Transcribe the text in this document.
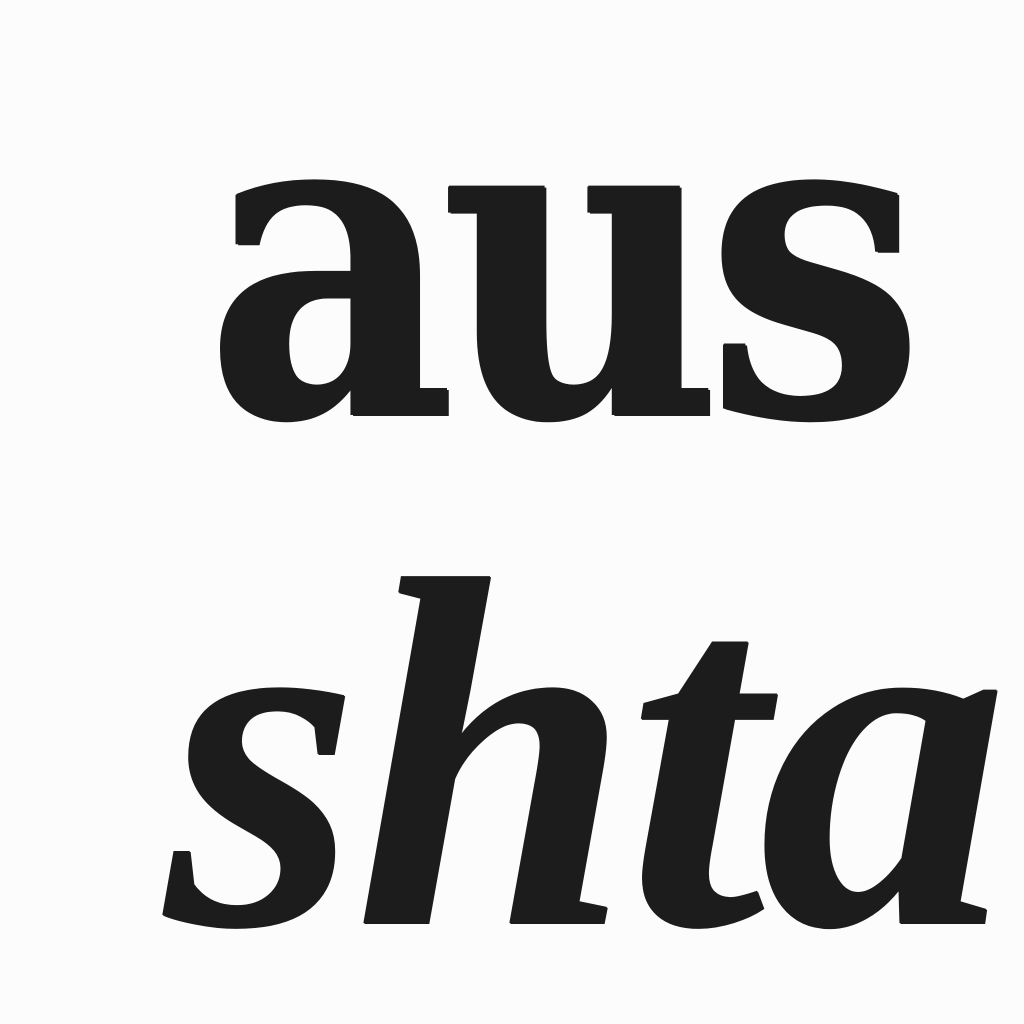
aus

shta
